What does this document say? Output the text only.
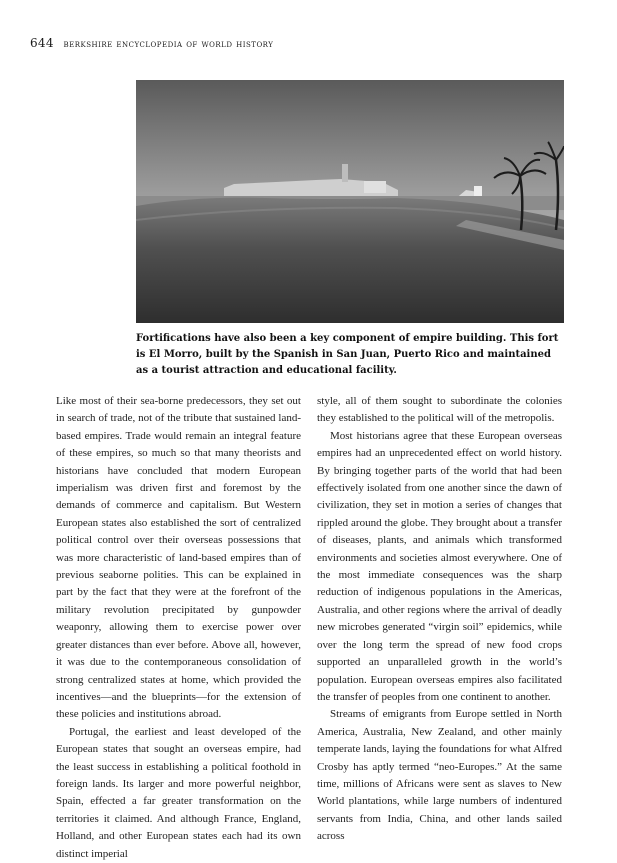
644 berkshire encyclopedia of world history
Fortifications have also been a key component of empire building. This fort is El Morro, built by the Spanish in San Juan, Puerto Rico and maintained as a tourist attraction and educational facility.

Like most of their sea-borne predecessors, they set out in search of trade, not of the tribute that sustained land-based empires. Trade would remain an integral feature of these empires, so much so that many theorists and historians have concluded that modern European imperialism was driven first and foremost by the demands of commerce and capitalism. But Western European states also established the sort of centralized political control over their overseas possessions that was more characteristic of land-based empires than of previous seaborne polities. This can be explained in part by the fact that they were at the forefront of the military revolution precipitated by gunpowder weaponry, allowing them to exercise power over greater distances than ever before. Above all, however, it was due to the contemporaneous consolidation of strong centralized states at home, which provided the incentives—and the blueprints—for the extension of these policies and institutions abroad.

Portugal, the earliest and least developed of the European states that sought an overseas empire, had the least success in establishing a political foothold in foreign lands. Its larger and more powerful neighbor, Spain, effected a far greater transformation on the territories it claimed. And although France, England, Holland, and other European states each had its own distinct imperial

style, all of them sought to subordinate the colonies they established to the political will of the metropolis.

Most historians agree that these European overseas empires had an unprecedented effect on world history. By bringing together parts of the world that had been effectively isolated from one another since the dawn of civilization, they set in motion a series of changes that rippled around the globe. They brought about a transfer of diseases, plants, and animals which transformed environments and societies almost everywhere. One of the most immediate consequences was the sharp reduction of indigenous populations in the Americas, Australia, and other regions where the arrival of deadly new microbes generated “virgin soil” epidemics, while over the long term the spread of new food crops supported an unparalleled growth in the world’s population. European overseas empires also facilitated the transfer of peoples from one continent to another.

Streams of emigrants from Europe settled in North America, Australia, New Zealand, and other mainly temperate lands, laying the foundations for what Alfred Crosby has aptly termed “neo-Europes.” At the same time, millions of Africans were sent as slaves to New World plantations, while large numbers of indentured servants from India, China, and other lands sailed across
